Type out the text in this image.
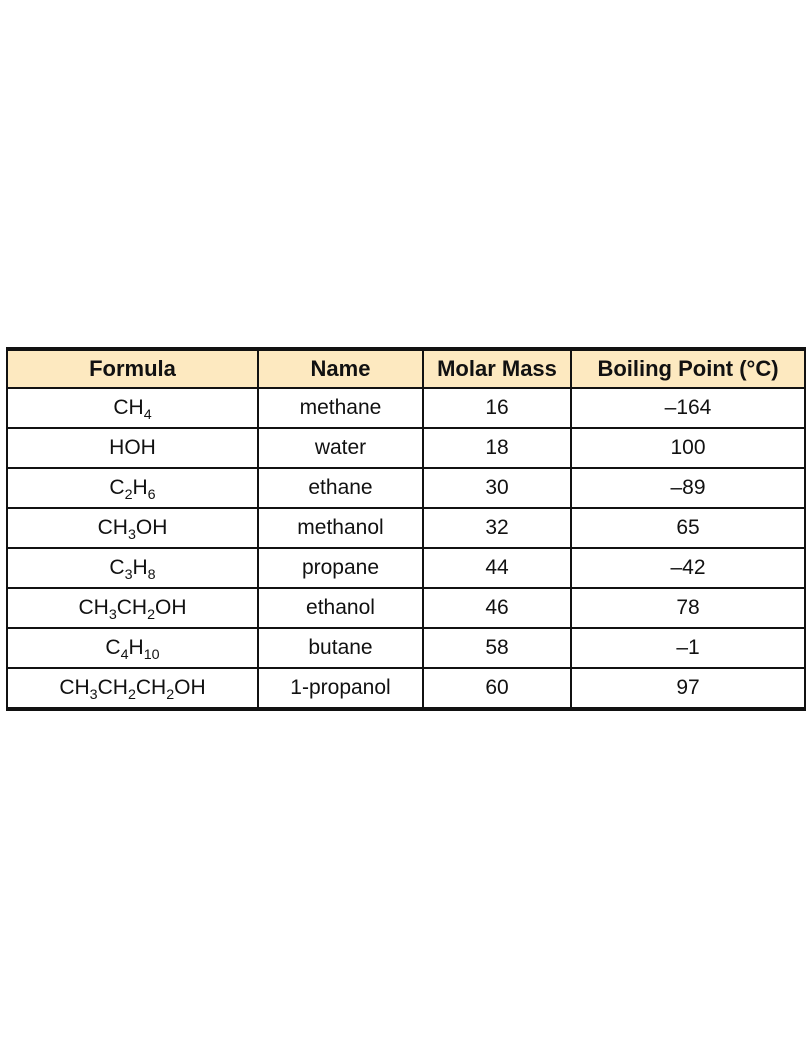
Formula	Name	Molar Mass	Boiling Point (°C)
$CH_4$	methane	16	–164
HOH	water	18	100
$C_2H_6$	ethane	30	–89
$CH_3OH$	methanol	32	65
$C_3H_8$	propane	44	–42
$CH_3CH_2OH$	ethanol	46	78
$C_4H_{10}$	butane	58	–1
$CH_3CH_2CH_2OH$	1-propanol	60	97
